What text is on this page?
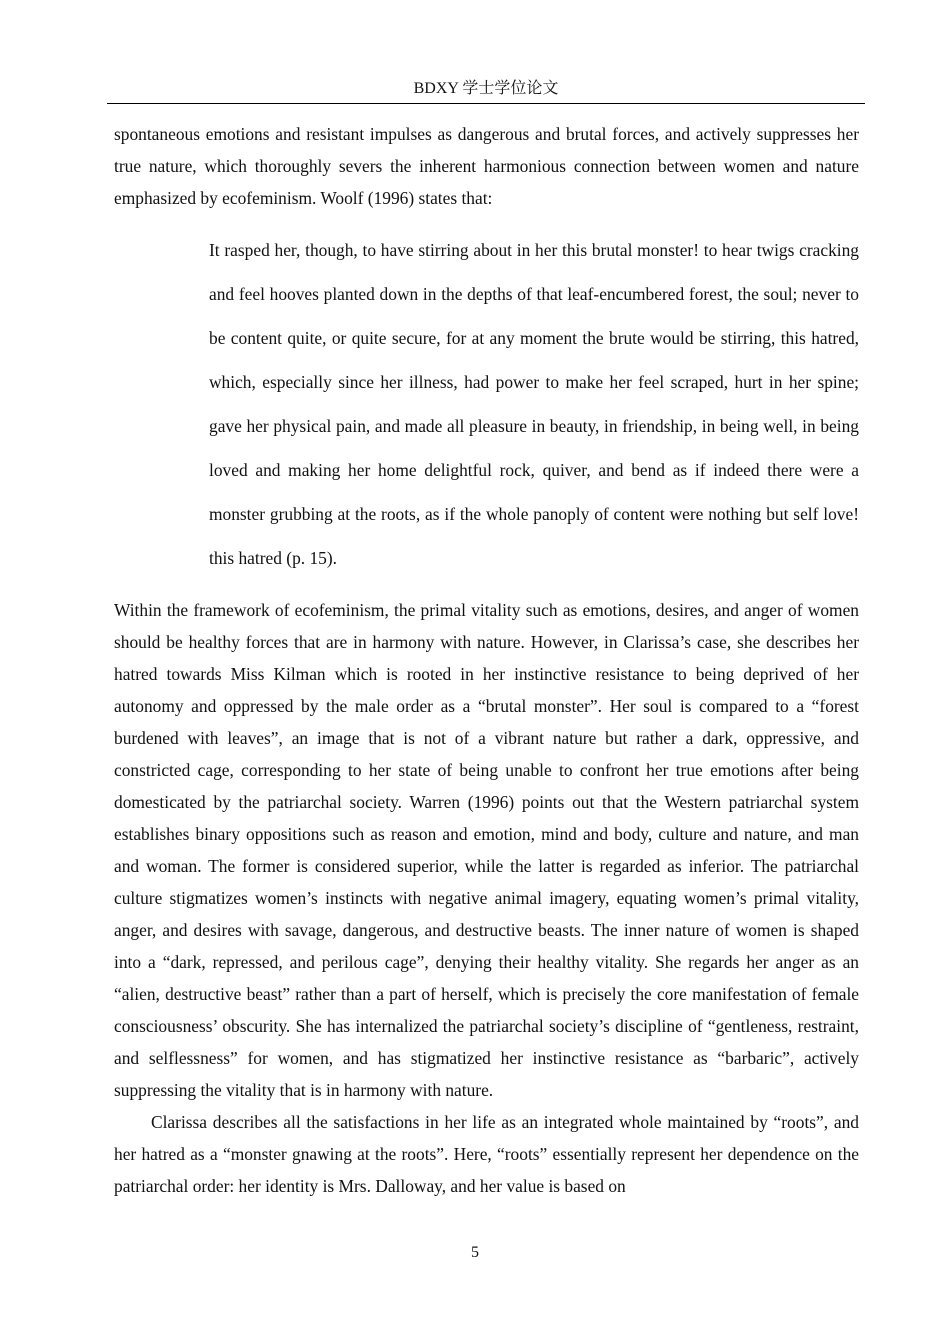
BDXY 学士学位论文

spontaneous emotions and resistant impulses as dangerous and brutal forces, and actively suppresses her true nature, which thoroughly severs the inherent harmonious connection between women and nature emphasized by ecofeminism. Woolf (1996) states that:

It rasped her, though, to have stirring about in her this brutal monster! to hear twigs cracking and feel hooves planted down in the depths of that leaf-encumbered forest, the soul; never to be content quite, or quite secure, for at any moment the brute would be stirring, this hatred, which, especially since her illness, had power to make her feel scraped, hurt in her spine; gave her physical pain, and made all pleasure in beauty, in friendship, in being well, in being loved and making her home delightful rock, quiver, and bend as if indeed there were a monster grubbing at the roots, as if the whole panoply of content were nothing but self love! this hatred (p. 15).

Within the framework of ecofeminism, the primal vitality such as emotions, desires, and anger of women should be healthy forces that are in harmony with nature. However, in Clarissa’s case, she describes her hatred towards Miss Kilman which is rooted in her instinctive resistance to being deprived of her autonomy and oppressed by the male order as a “brutal monster”. Her soul is compared to a “forest burdened with leaves”, an image that is not of a vibrant nature but rather a dark, oppressive, and constricted cage, corresponding to her state of being unable to confront her true emotions after being domesticated by the patriarchal society. Warren (1996) points out that the Western patriarchal system establishes binary oppositions such as reason and emotion, mind and body, culture and nature, and man and woman. The former is considered superior, while the latter is regarded as inferior. The patriarchal culture stigmatizes women’s instincts with negative animal imagery, equating women’s primal vitality, anger, and desires with savage, dangerous, and destructive beasts. The inner nature of women is shaped into a “dark, repressed, and perilous cage”, denying their healthy vitality. She regards her anger as an “alien, destructive beast” rather than a part of herself, which is precisely the core manifestation of female consciousness’ obscurity. She has internalized the patriarchal society’s discipline of “gentleness, restraint, and selflessness” for women, and has stigmatized her instinctive resistance as “barbaric”, actively suppressing the vitality that is in harmony with nature.

Clarissa describes all the satisfactions in her life as an integrated whole maintained by “roots”, and her hatred as a “monster gnawing at the roots”. Here, “roots” essentially represent her dependence on the patriarchal order: her identity is Mrs. Dalloway, and her value is based on

5
